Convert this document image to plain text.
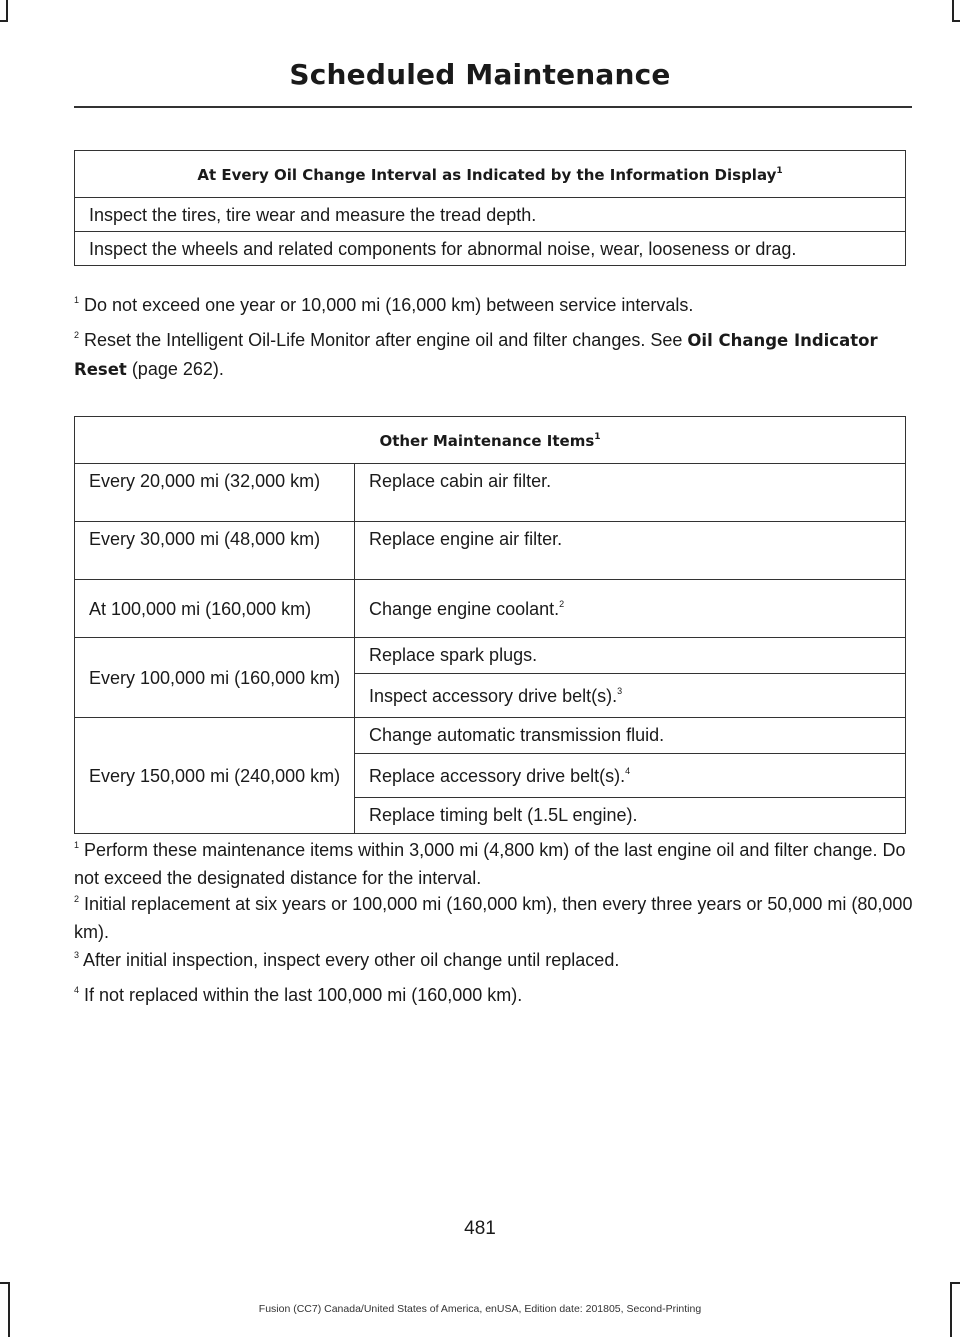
Scheduled Maintenance
At Every Oil Change Interval as Indicated by the Information Display$^1$
Inspect the tires, tire wear and measure the tread depth.
Inspect the wheels and related components for abnormal noise, wear, looseness or drag.
$^1$ Do not exceed one year or 10,000 mi (16,000 km) between service intervals.
$^2$ Reset the Intelligent Oil-Life Monitor after engine oil and filter changes. See Oil Change Indicator Reset (page 262).
Other Maintenance Items$^1$
Every 20,000 mi (32,000 km)	Replace cabin air filter.
Every 30,000 mi (48,000 km)	Replace engine air filter.
At 100,000 mi (160,000 km)	Change engine coolant.$^2$
Every 100,000 mi (160,000 km)	Replace spark plugs.
	Inspect accessory drive belt(s).$^3$
Every 150,000 mi (240,000 km)	Change automatic transmission fluid.
	Replace accessory drive belt(s).$^4$
	Replace timing belt (1.5L engine).
$^1$ Perform these maintenance items within 3,000 mi (4,800 km) of the last engine oil and filter change. Do not exceed the designated distance for the interval.
$^2$ Initial replacement at six years or 100,000 mi (160,000 km), then every three years or 50,000 mi (80,000 km).
$^3$ After initial inspection, inspect every other oil change until replaced.
$^4$ If not replaced within the last 100,000 mi (160,000 km).
481
Fusion (CC7) Canada/United States of America, enUSA, Edition date: 201805, Second-Printing
